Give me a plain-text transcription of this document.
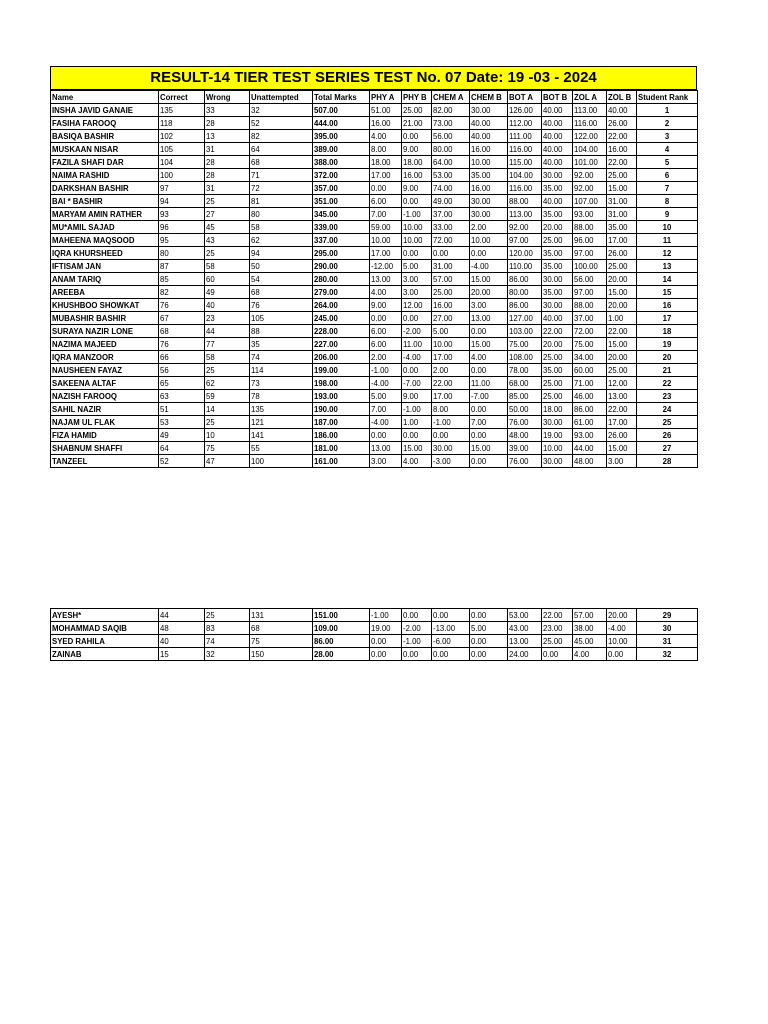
RESULT-14 TIER TEST SERIES TEST No. 07 Date: 19 -03 - 2024
Name	Correct	Wrong	Unattempted	Total Marks	PHY A	PHY B	CHEM A	CHEM B	BOT A	BOT B	ZOL A	ZOL B	Student Rank
INSHA JAVID GANAIE	135	33	32	507.00	51.00	25.00	82.00	30.00	126.00	40.00	113.00	40.00	1
FASIHA FAROOQ	118	28	52	444.00	16.00	21.00	73.00	40.00	112.00	40.00	116.00	26.00	2
BASIQA BASHIR	102	13	82	395.00	4.00	0.00	56.00	40.00	111.00	40.00	122.00	22.00	3
MUSKAAN NISAR	105	31	64	389.00	8.00	9.00	80.00	16.00	116.00	40.00	104.00	16.00	4
FAZILA SHAFI DAR	104	28	68	388.00	18.00	18.00	64.00	10.00	115.00	40.00	101.00	22.00	5
NAIMA RASHID	100	28	71	372.00	17.00	16.00	53.00	35.00	104.00	30.00	92.00	25.00	6
DARKSHAN BASHIR	97	31	72	357.00	0.00	9.00	74.00	16.00	116.00	35.00	92.00	15.00	7
BAI * BASHIR	94	25	81	351.00	6.00	0.00	49.00	30.00	88.00	40.00	107.00	31.00	8
MARYAM AMIN RATHER	93	27	80	345.00	7.00	-1.00	37.00	30.00	113.00	35.00	93.00	31.00	9
MU*AMIL SAJAD	96	45	58	339.00	59.00	10.00	33.00	2.00	92.00	20.00	88.00	35.00	10
MAHEENA MAQSOOD	95	43	62	337.00	10.00	10.00	72.00	10.00	97.00	25.00	96.00	17.00	11
IQRA KHURSHEED	80	25	94	295.00	17.00	0.00	0.00	0.00	120.00	35.00	97.00	26.00	12
IFTISAM JAN	87	58	50	290.00	-12.00	5.00	31.00	-4.00	110.00	35.00	100.00	25.00	13
ANAM TARIQ	85	60	54	280.00	13.00	3.00	57.00	15.00	86.00	30.00	56.00	20.00	14
AREEBA	82	49	68	279.00	4.00	3.00	25.00	20.00	80.00	35.00	97.00	15.00	15
KHUSHBOO SHOWKAT	76	40	76	264.00	9.00	12.00	16.00	3.00	86.00	30.00	88.00	20.00	16
MUBASHIR BASHIR	67	23	105	245.00	0.00	0.00	27.00	13.00	127.00	40.00	37.00	1.00	17
SURAYA NAZIR LONE	68	44	88	228.00	6.00	-2.00	5.00	0.00	103.00	22.00	72.00	22.00	18
NAZIMA MAJEED	76	77	35	227.00	6.00	11.00	10.00	15.00	75.00	20.00	75.00	15.00	19
IQRA MANZOOR	66	58	74	206.00	2.00	-4.00	17.00	4.00	108.00	25.00	34.00	20.00	20
NAUSHEEN FAYAZ	56	25	114	199.00	-1.00	0.00	2.00	0.00	78.00	35.00	60.00	25.00	21
SAKEENA ALTAF	65	62	73	198.00	-4.00	-7.00	22.00	11.00	68.00	25.00	71.00	12.00	22
NAZISH FAROOQ	63	59	78	193.00	5.00	9.00	17.00	-7.00	85.00	25.00	46.00	13.00	23
SAHIL NAZIR	51	14	135	190.00	7.00	-1.00	8.00	0.00	50.00	18.00	86.00	22.00	24
NAJAM UL FLAK	53	25	121	187.00	-4.00	1.00	-1.00	7.00	76.00	30.00	61.00	17.00	25
FIZA HAMID	49	10	141	186.00	0.00	0.00	0.00	0.00	48.00	19.00	93.00	26.00	26
SHABNUM SHAFFI	64	75	55	181.00	13.00	15.00	30.00	15.00	39.00	10.00	44.00	15.00	27
TANZEEL	52	47	100	161.00	3.00	4.00	-3.00	0.00	76.00	30.00	48.00	3.00	28
AYESH*	44	25	131	151.00	-1.00	0.00	0.00	0.00	53.00	22.00	57.00	20.00	29
MOHAMMAD SAQIB	48	83	68	109.00	19.00	-2.00	-13.00	5.00	43.00	23.00	38.00	-4.00	30
SYED RAHILA	40	74	75	86.00	0.00	-1.00	-6.00	0.00	13.00	25.00	45.00	10.00	31
ZAINAB	15	32	150	28.00	0.00	0.00	0.00	0.00	24.00	0.00	4.00	0.00	32
